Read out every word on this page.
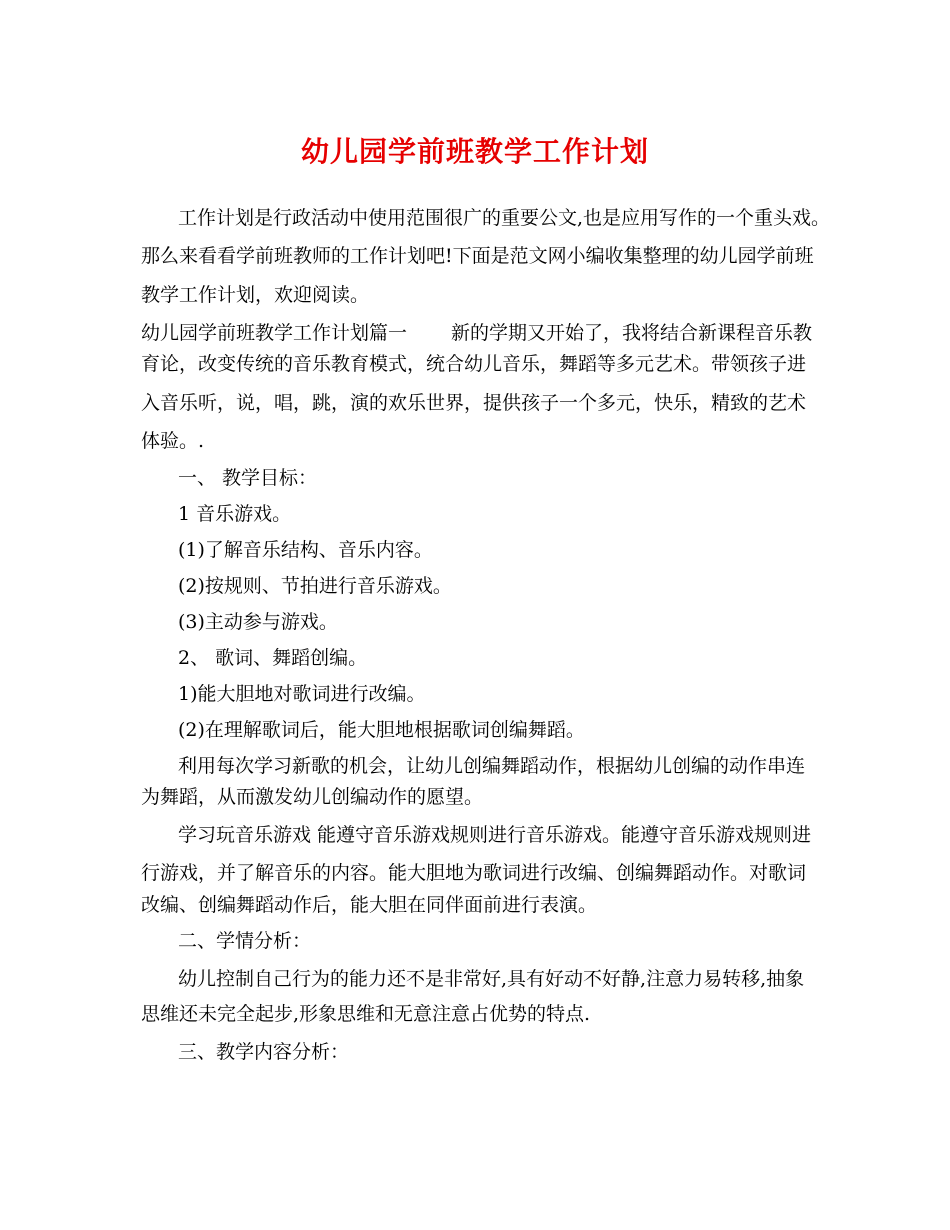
幼儿园学前班教学工作计划
工作计划是行政活动中使用范围很广的重要公文,也是应用写作的一个重头戏。
那么来看看学前班教师的工作计划吧!下面是范文网小编收集整理的幼儿园学前班
教学工作计划，欢迎阅读。
幼儿园学前班教学工作计划篇一 新的学期又开始了，我将结合新课程音乐教
育论，改变传统的音乐教育模式，统合幼儿音乐，舞蹈等多元艺术。带领孩子进
入音乐听，说，唱，跳，演的欢乐世界，提供孩子一个多元，快乐，精致的艺术
体验。.
一、 教学目标：
1 音乐游戏。
(1)了解音乐结构、音乐内容。
(2)按规则、节拍进行音乐游戏。
(3)主动参与游戏。
2、 歌词、舞蹈创编。
1)能大胆地对歌词进行改编。
(2)在理解歌词后，能大胆地根据歌词创编舞蹈。
利用每次学习新歌的机会，让幼儿创编舞蹈动作，根据幼儿创编的动作串连
为舞蹈，从而激发幼儿创编动作的愿望。
学习玩音乐游戏 能遵守音乐游戏规则进行音乐游戏。能遵守音乐游戏规则进
行游戏，并了解音乐的内容。能大胆地为歌词进行改编、创编舞蹈动作。对歌词
改编、创编舞蹈动作后，能大胆在同伴面前进行表演。
二、学情分析：
幼儿控制自己行为的能力还不是非常好,具有好动不好静,注意力易转移,抽象
思维还未完全起步,形象思维和无意注意占优势的特点.
三、教学内容分析：
